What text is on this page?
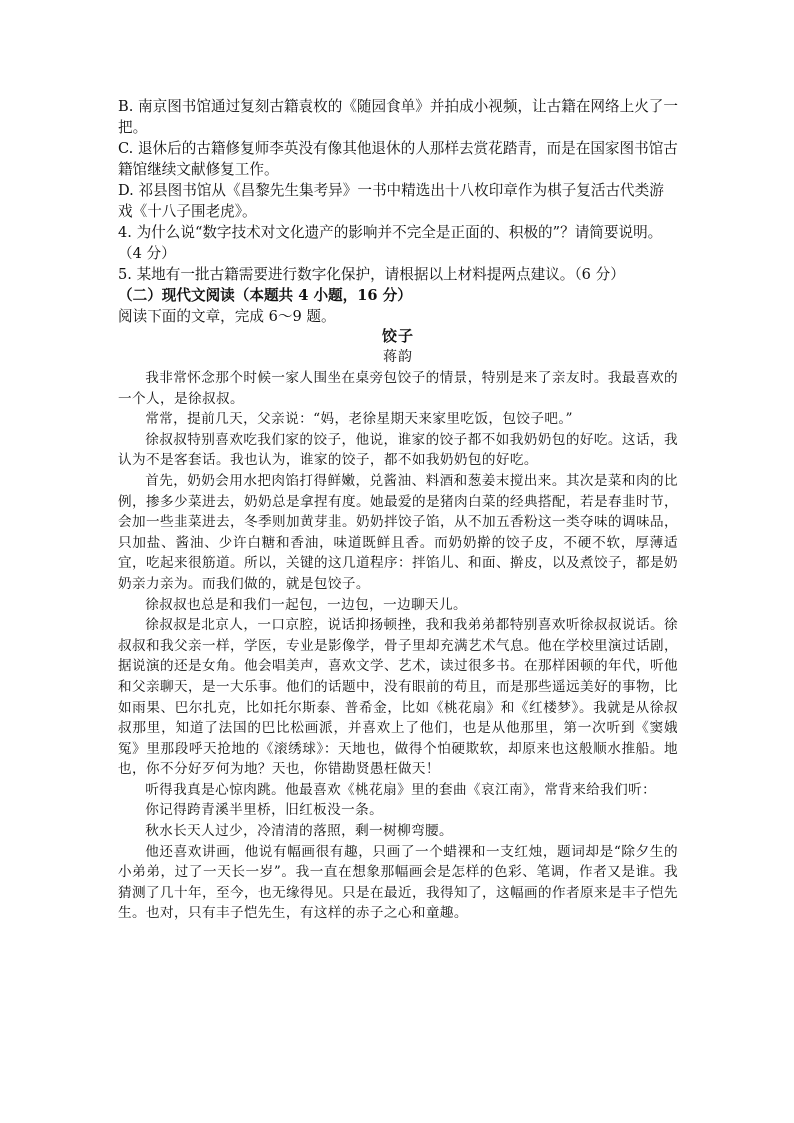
B. 南京图书馆通过复刻古籍袁枚的《随园食单》并拍成小视频，让古籍在网络上火了一把。

C. 退休后的古籍修复师李英没有像其他退休的人那样去赏花踏青，而是在国家图书馆古籍馆继续文献修复工作。

D. 祁县图书馆从《昌黎先生集考异》一书中精选出十八枚印章作为棋子复活古代类游戏《十八子围老虎》。

4. 为什么说“数字技术对文化遗产的影响并不完全是正面的、积极的”？请简要说明。（4 分）

5. 某地有一批古籍需要进行数字化保护，请根据以上材料提两点建议。（6 分）

（二）现代文阅读（本题共 4 小题，16 分）

阅读下面的文章，完成 6～9 题。

饺子
蒋韵

我非常怀念那个时候一家人围坐在桌旁包饺子的情景，特别是来了亲友时。我最喜欢的一个人，是徐叔叔。

常常，提前几天，父亲说：“妈，老徐星期天来家里吃饭，包饺子吧。”

徐叔叔特别喜欢吃我们家的饺子，他说，谁家的饺子都不如我奶奶包的好吃。这话，我认为不是客套话。我也认为，谁家的饺子，都不如我奶奶包的好吃。

首先，奶奶会用水把肉馅打得鲜嫩，兑酱油、料酒和葱姜末搅出来。其次是菜和肉的比例，掺多少菜进去，奶奶总是拿捏有度。她最爱的是猪肉白菜的经典搭配，若是春韭时节，会加一些韭菜进去，冬季则加黄芽韭。奶奶拌饺子馅，从不加五香粉这一类夺味的调味品，只加盐、酱油、少许白糖和香油，味道既鲜且香。而奶奶擀的饺子皮，不硬不软，厚薄适宜，吃起来很筋道。所以，关键的这几道程序：拌馅儿、和面、擀皮，以及煮饺子，都是奶奶亲力亲为。而我们做的，就是包饺子。

徐叔叔也总是和我们一起包，一边包，一边聊天儿。

徐叔叔是北京人，一口京腔，说话抑扬顿挫，我和我弟弟都特别喜欢听徐叔叔说话。徐叔叔和我父亲一样，学医，专业是影像学，骨子里却充满艺术气息。他在学校里演过话剧，据说演的还是女角。他会唱美声，喜欢文学、艺术，读过很多书。在那样困顿的年代，听他和父亲聊天，是一大乐事。他们的话题中，没有眼前的苟且，而是那些遥远美好的事物，比如雨果、巴尔扎克，比如托尔斯泰、普希金，比如《桃花扇》和《红楼梦》。我就是从徐叔叔那里，知道了法国的巴比松画派，并喜欢上了他们，也是从他那里，第一次听到《窦娥冤》里那段呼天抢地的《滚绣球》：天地也，做得个怕硬欺软，却原来也这般顺水推船。地也，你不分好歹何为地？天也，你错勘贤愚枉做天！

听得我真是心惊肉跳。他最喜欢《桃花扇》里的套曲《哀江南》，常背来给我们听：

你记得跨青溪半里桥，旧红板没一条。

秋水长天人过少，冷清清的落照，剩一树柳弯腰。

他还喜欢讲画，他说有幅画很有趣，只画了一个蜡裸和一支红烛，题词却是“除夕生的小弟弟，过了一天长一岁”。我一直在想象那幅画会是怎样的色彩、笔调，作者又是谁。我猜测了几十年，至今，也无缘得见。只是在最近，我得知了，这幅画的作者原来是丰子恺先生。也对，只有丰子恺先生，有这样的赤子之心和童趣。
